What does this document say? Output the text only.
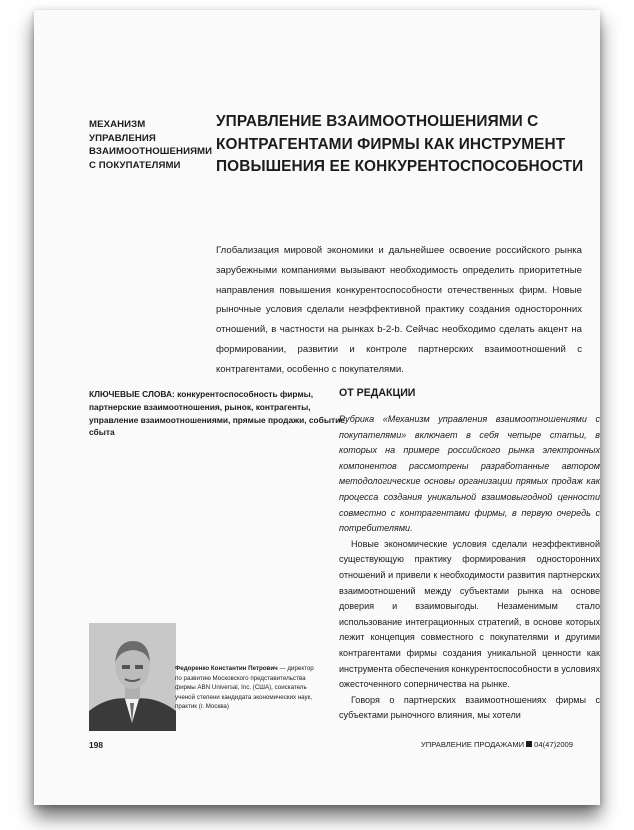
МЕХАНИЗМ УПРАВЛЕНИЯ ВЗАИМООТНОШЕНИЯМИ С ПОКУПАТЕЛЯМИ
УПРАВЛЕНИЕ ВЗАИМООТНОШЕНИЯМИ С КОНТРАГЕНТАМИ ФИРМЫ КАК ИНСТРУМЕНТ ПОВЫШЕНИЯ ЕЕ КОНКУРЕНТОСПОСОБНОСТИ

Глобализация мировой экономики и дальнейшее освоение российского рынка зарубежными компаниями вызывают необходимость определить приоритетные направления повышения конкурентоспособности отечественных фирм. Новые рыночные условия сделали неэффективной практику создания односторонних отношений, в частности на рынках b-2-b. Сейчас необходимо сделать акцент на формировании, развитии и контроле партнерских взаимоотношений с контрагентами, особенно с покупателями.

КЛЮЧЕВЫЕ СЛОВА: конкурентоспособность фирмы, партнерские взаимоотношения, рынок, контрагенты, управление взаимоотношениями, прямые продажи, событие сбыта
ОТ РЕДАКЦИИ

Рубрика «Механизм управления взаимоотношениями с покупателями» включает в себя четыре статьи, в которых на примере российского рынка электронных компонентов рассмотрены разработанные автором методологические основы организации прямых продаж как процесса создания уникальной взаимовыгодной ценности совместно с контрагентами фирмы, в первую очередь с потребителями.

Новые экономические условия сделали неэффективной существующую практику формирования односторонних отношений и привели к необходимости развития партнерских взаимоотношений между субъектами рынка на основе доверия и взаимовыгоды. Незаменимым стало использование интеграционных стратегий, в основе которых лежит концепция совместного с покупателями и другими контрагентами фирмы создания уникальной ценности как инструмента обеспечения конкурентоспособности в условиях ожесточенного соперничества на рынке.

Говоря о партнерских взаимоотношениях фирмы с субъектами рыночного влияния, мы хотели

Федоренко Константин Петрович — директор по развитию Московского представительства фирмы ABN Universal, Inc. (США), соискатель ученой степени кандидата экономических наук, практик (г. Москва)
198	УПРАВЛЕНИЕ ПРОДАЖАМИ 04(47)2009
